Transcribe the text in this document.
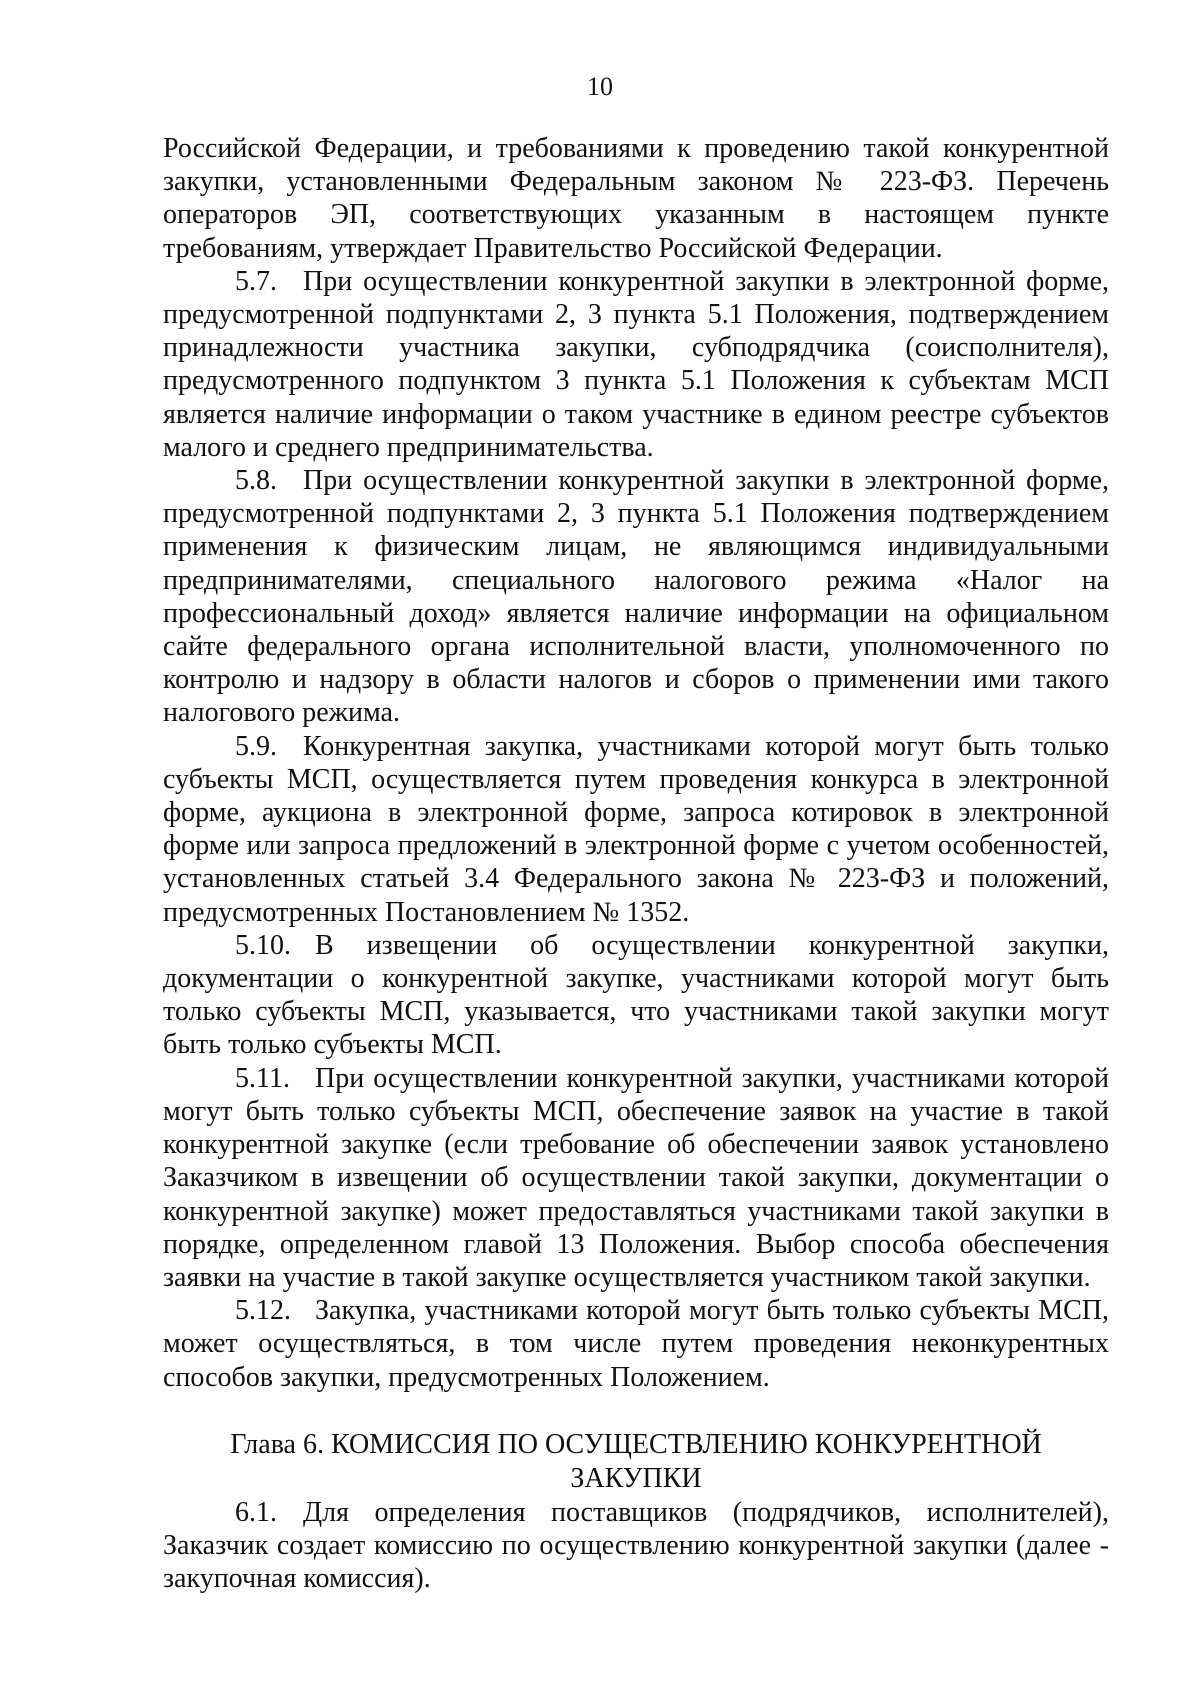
10

Российской Федерации, и требованиями к проведению такой конкурентной закупки, установленными Федеральным законом № 223-ФЗ. Перечень операторов ЭП, соответствующих указанным в настоящем пункте требованиям, утверждает Правительство Российской Федерации.

5.7. При осуществлении конкурентной закупки в электронной форме, предусмотренной подпунктами 2, 3 пункта 5.1 Положения, подтверждением принадлежности участника закупки, субподрядчика (соисполнителя), предусмотренного подпунктом 3 пункта 5.1 Положения к субъектам МСП является наличие информации о таком участнике в едином реестре субъектов малого и среднего предпринимательства.

5.8. При осуществлении конкурентной закупки в электронной форме, предусмотренной подпунктами 2, 3 пункта 5.1 Положения подтверждением применения к физическим лицам, не являющимся индивидуальными предпринимателями, специального налогового режима «Налог на профессиональный доход» является наличие информации на официальном сайте федерального органа исполнительной власти, уполномоченного по контролю и надзору в области налогов и сборов о применении ими такого налогового режима.

5.9. Конкурентная закупка, участниками которой могут быть только субъекты МСП, осуществляется путем проведения конкурса в электронной форме, аукциона в электронной форме, запроса котировок в электронной форме или запроса предложений в электронной форме с учетом особенностей, установленных статьей 3.4 Федерального закона № 223-ФЗ и положений, предусмотренных Постановлением № 1352.

5.10. В извещении об осуществлении конкурентной закупки, документации о конкурентной закупке, участниками которой могут быть только субъекты МСП, указывается, что участниками такой закупки могут быть только субъекты МСП.

5.11. При осуществлении конкурентной закупки, участниками которой могут быть только субъекты МСП, обеспечение заявок на участие в такой конкурентной закупке (если требование об обеспечении заявок установлено Заказчиком в извещении об осуществлении такой закупки, документации о конкурентной закупке) может предоставляться участниками такой закупки в порядке, определенном главой 13 Положения. Выбор способа обеспечения заявки на участие в такой закупке осуществляется участником такой закупки.

5.12. Закупка, участниками которой могут быть только субъекты МСП, может осуществляться, в том числе путем проведения неконкурентных способов закупки, предусмотренных Положением.

Глава 6. КОМИССИЯ ПО ОСУЩЕСТВЛЕНИЮ КОНКУРЕНТНОЙ
ЗАКУПКИ

6.1. Для определения поставщиков (подрядчиков, исполнителей), Заказчик создает комиссию по осуществлению конкурентной закупки (далее - закупочная комиссия).
